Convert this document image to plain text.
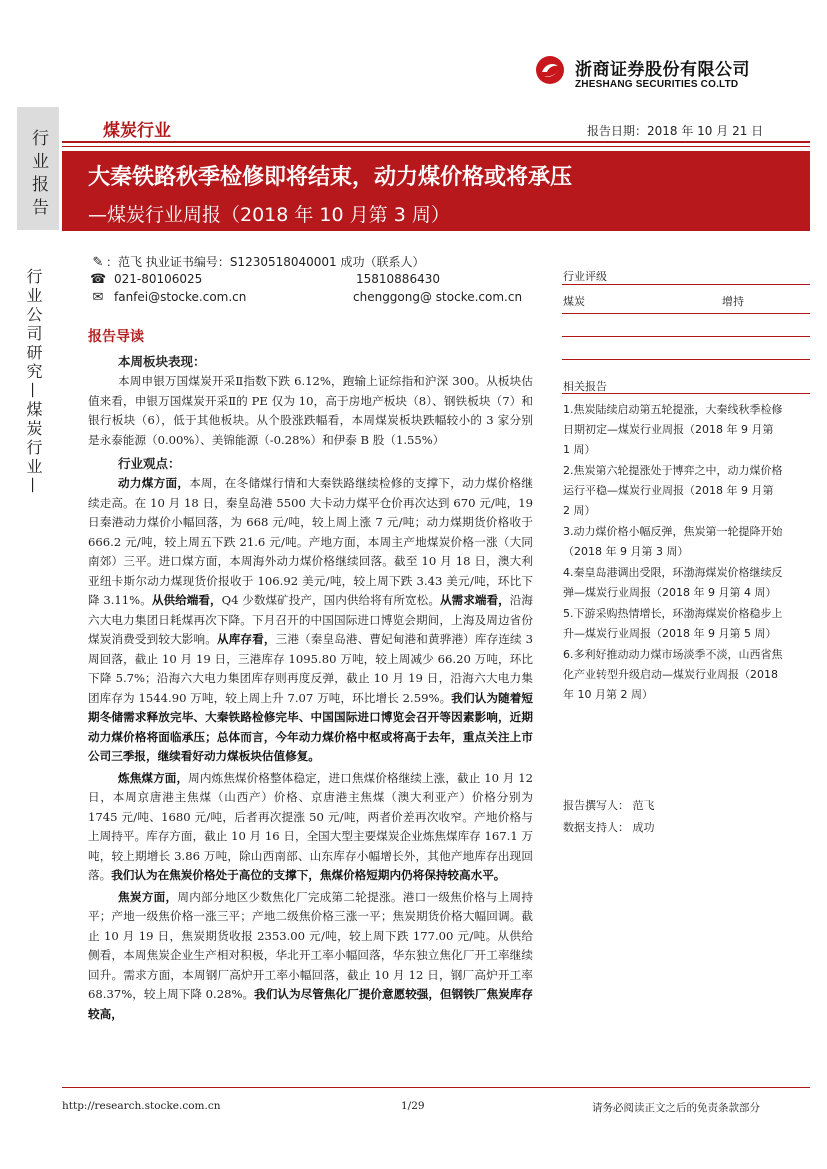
浙商证券股份有限公司
ZHESHANG SECURITIES CO.LTD
行业报告
行业公司研究—煤炭行业—
煤炭行业	报告日期：2018 年 10 月 21 日
大秦铁路秋季检修即将结束，动力煤价格或将承压
—煤炭行业周报（2018 年 10 月第 3 周）
✎ ：范飞 执业证书编号：S1230518040001 成功（联系人）
☎ 021-80106025	15810886430
✉ fanfei@stocke.com.cn	chenggong@ stocke.com.cn
行业评级
煤炭	增持
相关报告
1.焦炭陆续启动第五轮提涨，大秦线秋季检修日期初定—煤炭行业周报（2018 年 9 月第 1 周）
2.焦炭第六轮提涨处于博弈之中，动力煤价格运行平稳—煤炭行业周报（2018 年 9 月第 2 周）
3.动力煤价格小幅反弹，焦炭第一轮提降开始（2018 年 9 月第 3 周）
4.秦皇岛港调出受限，环渤海煤炭价格继续反弹—煤炭行业周报（2018 年 9 月第 4 周）
5.下游采购热情增长，环渤海煤炭价格稳步上升—煤炭行业周报（2018 年 9 月第 5 周）
6.多利好推动动力煤市场淡季不淡，山西省焦化产业转型升级启动—煤炭行业周报（2018 年 10 月第 2 周）
报告撰写人： 范飞
数据支持人： 成功
报告导读
本周板块表现：

本周申银万国煤炭开采Ⅱ指数下跌 6.12%，跑输上证综指和沪深 300。从板块估值来看，申银万国煤炭开采Ⅱ的 PE 仅为 10，高于房地产板块（8）、钢铁板块（7）和银行板块（6），低于其他板块。从个股涨跌幅看，本周煤炭板块跌幅较小的 3 家分别是永泰能源（0.00%）、美锦能源（-0.28%）和伊泰 B 股（1.55%）

行业观点：

动力煤方面，本周，在冬储煤行情和大秦铁路继续检修的支撑下，动力煤价格继续走高。在 10 月 18 日，秦皇岛港 5500 大卡动力煤平仓价再次达到 670 元/吨，19 日秦港动力煤价小幅回落，为 668 元/吨，较上周上涨 7 元/吨；动力煤期货价格收于 666.2 元/吨，较上周五下跌 21.6 元/吨。产地方面，本周主产地煤炭价格一涨（大同南郊）三平。进口煤方面，本周海外动力煤价格继续回落。截至 10 月 18 日，澳大利亚纽卡斯尔动力煤现货价报收于 106.92 美元/吨，较上周下跌 3.43 美元/吨，环比下降 3.11%。从供给端看，Q4 少数煤矿投产，国内供给将有所宽松。从需求端看，沿海六大电力集团日耗煤再次下降。下月召开的中国国际进口博览会期间，上海及周边省份煤炭消费受到较大影响。从库存看，三港（秦皇岛港、曹妃甸港和黄骅港）库存连续 3 周回落，截止 10 月 19 日，三港库存 1095.80 万吨，较上周减少 66.20 万吨，环比下降 5.7%；沿海六大电力集团库存则再度反弹，截止 10 月 19 日，沿海六大电力集团库存为 1544.90 万吨，较上周上升 7.07 万吨，环比增长 2.59%。我们认为随着短期冬储需求释放完毕、大秦铁路检修完毕、中国国际进口博览会召开等因素影响，近期动力煤价格将面临承压；总体而言，今年动力煤价格中枢或将高于去年，重点关注上市公司三季报，继续看好动力煤板块估值修复。

炼焦煤方面，周内炼焦煤价格整体稳定，进口焦煤价格继续上涨，截止 10 月 12 日，本周京唐港主焦煤（山西产）价格、京唐港主焦煤（澳大利亚产）价格分别为 1745 元/吨、1680 元/吨，后者再次提涨 50 元/吨，两者价差再次收窄。产地价格与上周持平。库存方面，截止 10 月 16 日，全国大型主要煤炭企业炼焦煤库存 167.1 万吨，较上期增长 3.86 万吨，除山西南部、山东库存小幅增长外，其他产地库存出现回落。我们认为在焦炭价格处于高位的支撑下，焦煤价格短期内仍将保持较高水平。

焦炭方面，周内部分地区少数焦化厂完成第二轮提涨。港口一级焦价格与上周持平；产地一级焦价格一涨三平；产地二级焦价格三涨一平；焦炭期货价格大幅回调。截止 10 月 19 日，焦炭期货收报 2353.00 元/吨，较上周下跌 177.00 元/吨。从供给侧看，本周焦炭企业生产相对积极，华北开工率小幅回落，华东独立焦化厂开工率继续回升。需求方面，本周钢厂高炉开工率小幅回落，截止 10 月 12 日，钢厂高炉开工率 68.37%，较上周下降 0.28%。我们认为尽管焦化厂提价意愿较强，但钢铁厂焦炭库存较高，

http://research.stocke.com.cn	1/29	请务必阅读正文之后的免责条款部分
